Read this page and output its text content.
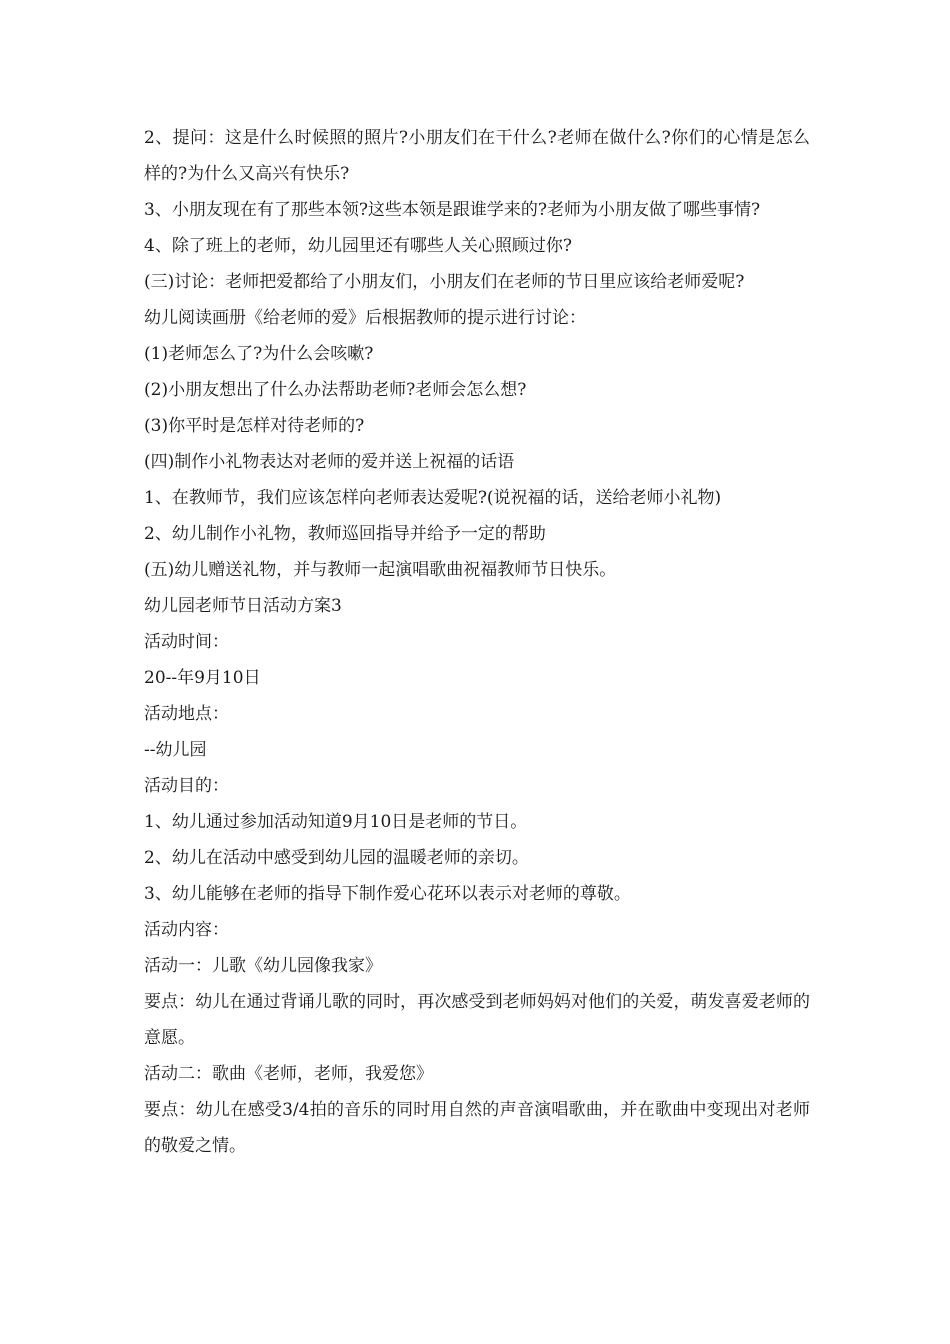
2、提问：这是什么时候照的照片?小朋友们在干什么?老师在做什么?你们的心情是怎么样的?为什么又高兴有快乐?

3、小朋友现在有了那些本领?这些本领是跟谁学来的?老师为小朋友做了哪些事情?

4、除了班上的老师，幼儿园里还有哪些人关心照顾过你?

(三)讨论：老师把爱都给了小朋友们，小朋友们在老师的节日里应该给老师爱呢?

幼儿阅读画册《给老师的爱》后根据教师的提示进行讨论：

(1)老师怎么了?为什么会咳嗽?

(2)小朋友想出了什么办法帮助老师?老师会怎么想?

(3)你平时是怎样对待老师的?

(四)制作小礼物表达对老师的爱并送上祝福的话语

1、在教师节，我们应该怎样向老师表达爱呢?(说祝福的话，送给老师小礼物)

2、幼儿制作小礼物，教师巡回指导并给予一定的帮助

(五)幼儿赠送礼物，并与教师一起演唱歌曲祝福教师节日快乐。

幼儿园老师节日活动方案3

活动时间：

20--年9月10日

活动地点：

--幼儿园

活动目的：

1、幼儿通过参加活动知道9月10日是老师的节日。

2、幼儿在活动中感受到幼儿园的温暖老师的亲切。

3、幼儿能够在老师的指导下制作爱心花环以表示对老师的尊敬。

活动内容：

活动一：儿歌《幼儿园像我家》

要点：幼儿在通过背诵儿歌的同时，再次感受到老师妈妈对他们的关爱，萌发喜爱老师的意愿。

活动二：歌曲《老师，老师，我爱您》

要点：幼儿在感受3/4拍的音乐的同时用自然的声音演唱歌曲，并在歌曲中变现出对老师的敬爱之情。
